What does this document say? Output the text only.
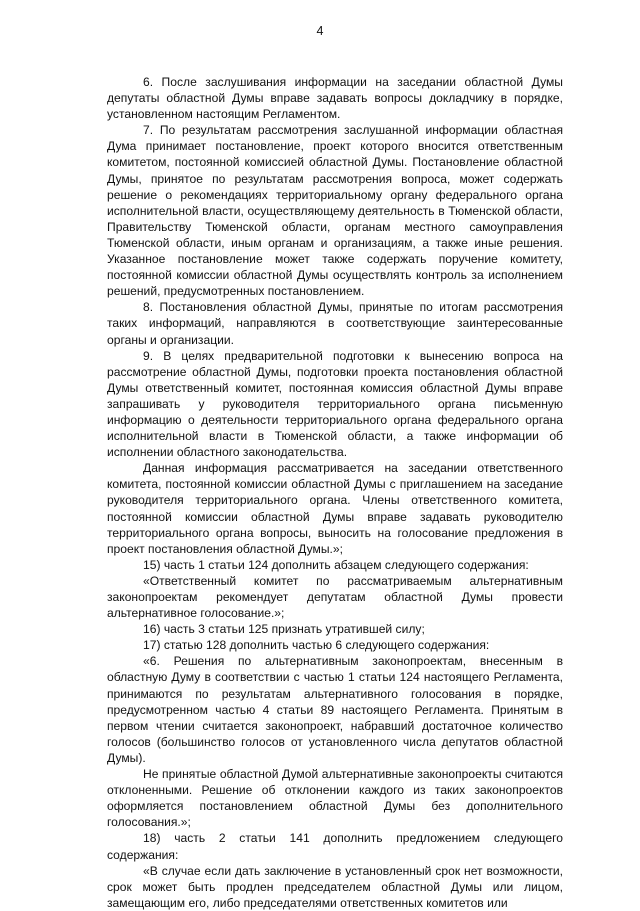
4

6. После заслушивания информации на заседании областной Думы депутаты областной Думы вправе задавать вопросы докладчику в порядке, установленном настоящим Регламентом.

7. По результатам рассмотрения заслушанной информации областная Дума принимает постановление, проект которого вносится ответственным комитетом, постоянной комиссией областной Думы. Постановление областной Думы, принятое по результатам рассмотрения вопроса, может содержать решение о рекомендациях территориальному органу федерального органа исполнительной власти, осуществляющему деятельность в Тюменской области, Правительству Тюменской области, органам местного самоуправления Тюменской области, иным органам и организациям, а также иные решения. Указанное постановление может также содержать поручение комитету, постоянной комиссии областной Думы осуществлять контроль за исполнением решений, предусмотренных постановлением.

8. Постановления областной Думы, принятые по итогам рассмотрения таких информаций, направляются в соответствующие заинтересованные органы и организации.

9. В целях предварительной подготовки к вынесению вопроса на рассмотрение областной Думы, подготовки проекта постановления областной Думы ответственный комитет, постоянная комиссия областной Думы вправе запрашивать у руководителя территориального органа письменную информацию о деятельности территориального органа федерального органа исполнительной власти в Тюменской области, а также информации об исполнении областного законодательства.

Данная информация рассматривается на заседании ответственного комитета, постоянной комиссии областной Думы с приглашением на заседание руководителя территориального органа. Члены ответственного комитета, постоянной комиссии областной Думы вправе задавать руководителю территориального органа вопросы, выносить на голосование предложения в проект постановления областной Думы.»;

15) часть 1 статьи 124 дополнить абзацем следующего содержания:

«Ответственный комитет по рассматриваемым альтернативным законопроектам рекомендует депутатам областной Думы провести альтернативное голосование.»;

16) часть 3 статьи 125 признать утратившей силу;

17) статью 128 дополнить частью 6 следующего содержания:

«6. Решения по альтернативным законопроектам, внесенным в областную Думу в соответствии с частью 1 статьи 124 настоящего Регламента, принимаются по результатам альтернативного голосования в порядке, предусмотренном частью 4 статьи 89 настоящего Регламента. Принятым в первом чтении считается законопроект, набравший достаточное количество голосов (большинство голосов от установленного числа депутатов областной Думы).

Не принятые областной Думой альтернативные законопроекты считаются отклоненными. Решение об отклонении каждого из таких законопроектов оформляется постановлением областной Думы без дополнительного голосования.»;

18) часть 2 статьи 141 дополнить предложением следующего содержания:

«В случае если дать заключение в установленный срок нет возможности, срок может быть продлен председателем областной Думы или лицом, замещающим его, либо председателями ответственных комитетов или
